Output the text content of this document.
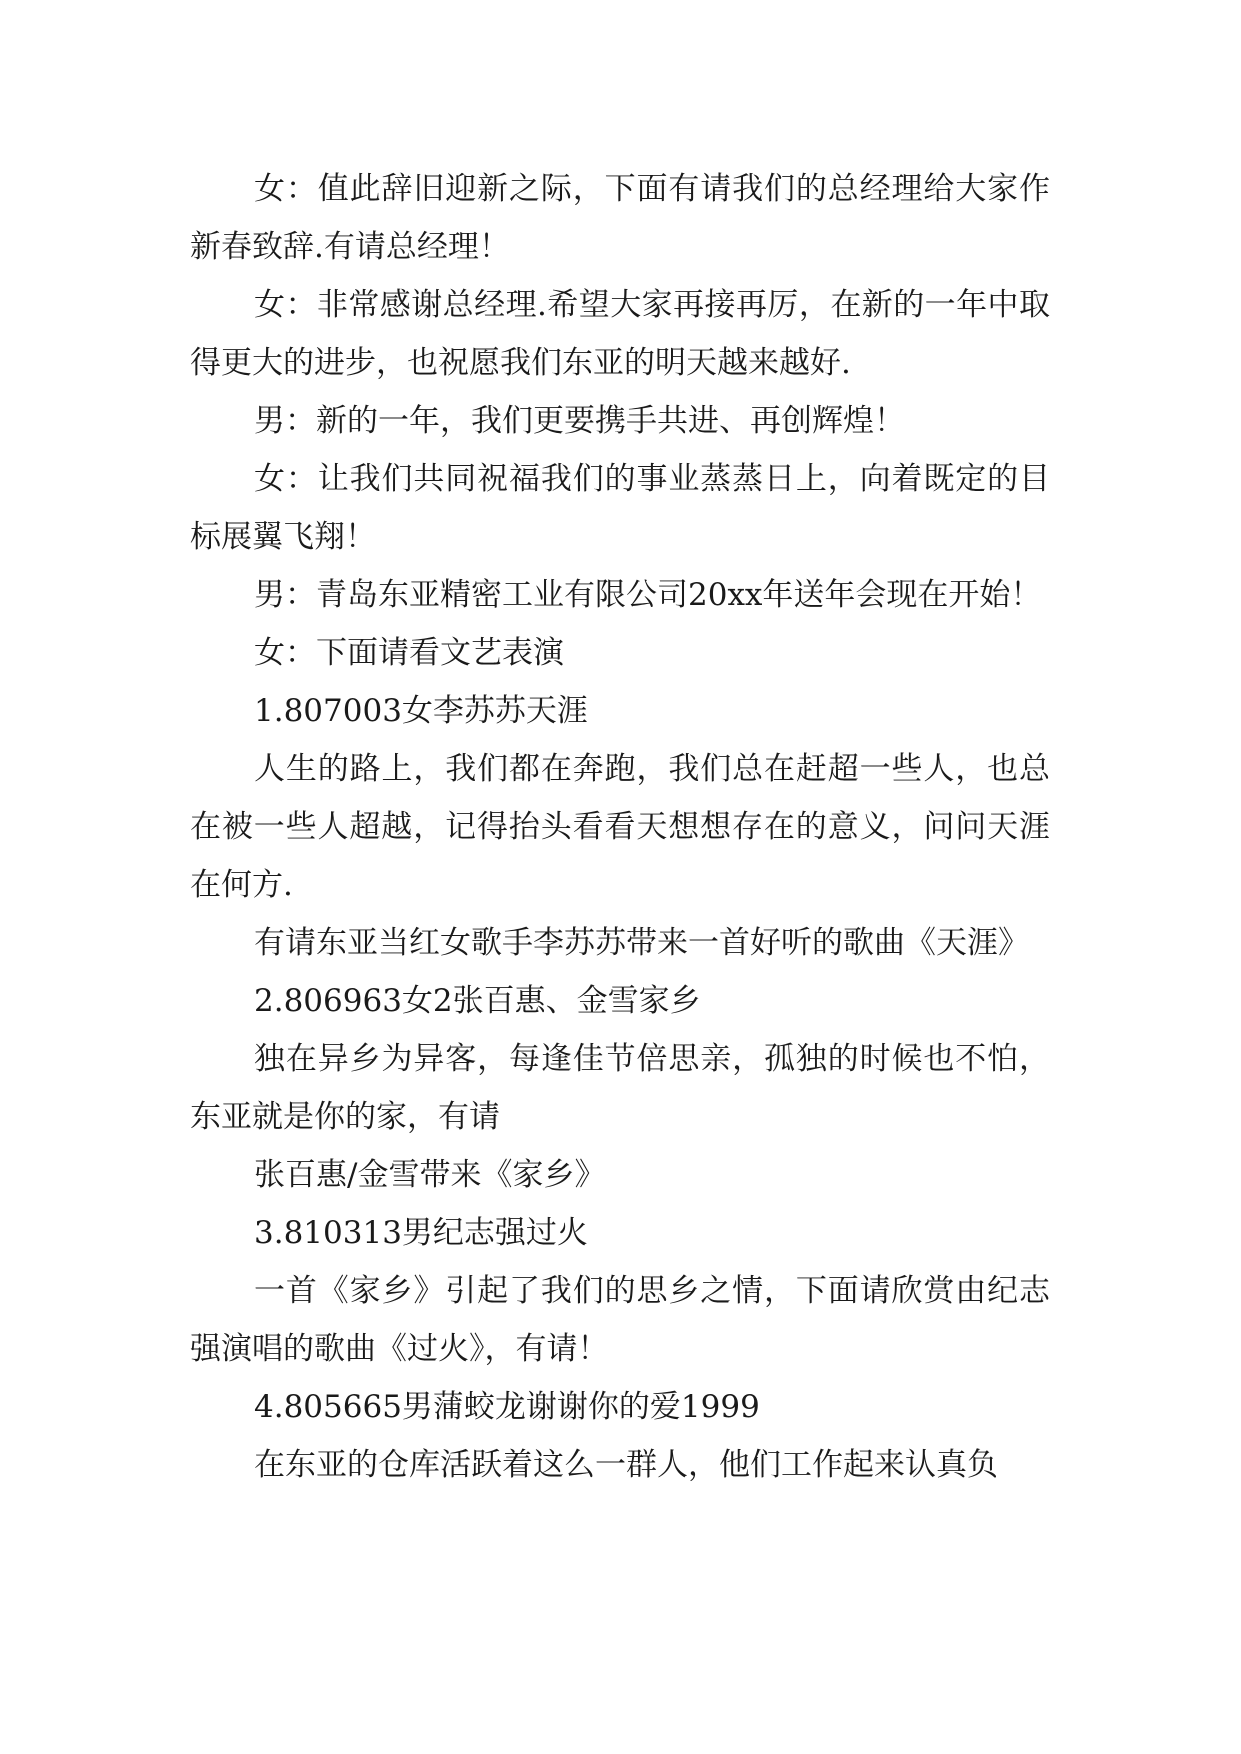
女：值此辞旧迎新之际，下面有请我们的总经理给大家作新春致辞.有请总经理！

女：非常感谢总经理.希望大家再接再厉，在新的一年中取得更大的进步，也祝愿我们东亚的明天越来越好.

男：新的一年，我们更要携手共进、再创辉煌！

女：让我们共同祝福我们的事业蒸蒸日上，向着既定的目标展翼飞翔！

男：青岛东亚精密工业有限公司20xx年送年会现在开始！

女：下面请看文艺表演

1.807003女李苏苏天涯

人生的路上，我们都在奔跑，我们总在赶超一些人，也总在被一些人超越，记得抬头看看天想想存在的意义，问问天涯在何方.

有请东亚当红女歌手李苏苏带来一首好听的歌曲《天涯》

2.806963女2张百惠、金雪家乡

独在异乡为异客，每逢佳节倍思亲，孤独的时候也不怕，东亚就是你的家，有请

张百惠/金雪带来《家乡》

3.810313男纪志强过火

一首《家乡》引起了我们的思乡之情，下面请欣赏由纪志强演唱的歌曲《过火》，有请！

4.805665男蒲蛟龙谢谢你的爱1999

在东亚的仓库活跃着这么一群人，他们工作起来认真负
